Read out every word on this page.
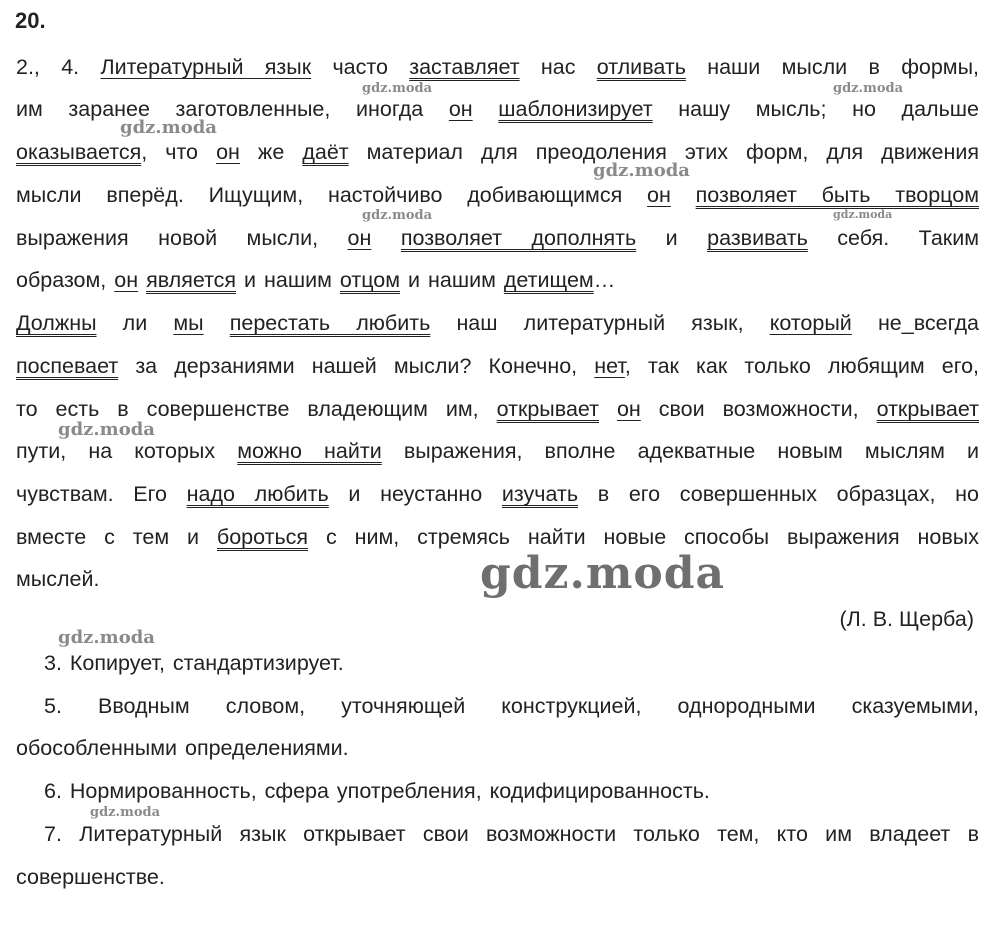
20.
2., 4. Литературный язык часто заставляет нас отливать наши мысли в формы,
им заранее заготовленные, иногда он шаблонизирует нашу мысль; но дальше
оказывается, что он же даёт материал для преодоления этих форм, для движения
мысли вперёд. Ищущим, настойчиво добивающимся он позволяет быть творцом
выражения новой мысли, он позволяет дополнять и развивать себя. Таким
образом, он является и нашим отцом и нашим детищем…
Должны ли мы перестать любить наш литературный язык, который не_всегда
поспевает за дерзаниями нашей мысли? Конечно, нет, так как только любящим его,
то есть в совершенстве владеющим им, открывает он свои возможности, открывает
пути, на которых можно найти выражения, вполне адекватные новым мыслям и
чувствам. Его надо любить и неустанно изучать в его совершенных образцах, но
вместе с тем и бороться с ним, стремясь найти новые способы выражения новых
мыслей.
(Л. В. Щерба)
3. Копирует, стандартизирует.
5. Вводным словом, уточняющей конструкцией, однородными сказуемыми,
обособленными определениями.
6. Нормированность, сфера употребления, кодифицированность.
7. Литературный язык открывает свои возможности только тем, кто им владеет в
совершенстве.
gdz.moda	gdz.moda
gdz.moda
gdz.moda
gdz.moda	gdz.moda
gdz.moda
gdz.moda
gdz.moda
gdz.moda
